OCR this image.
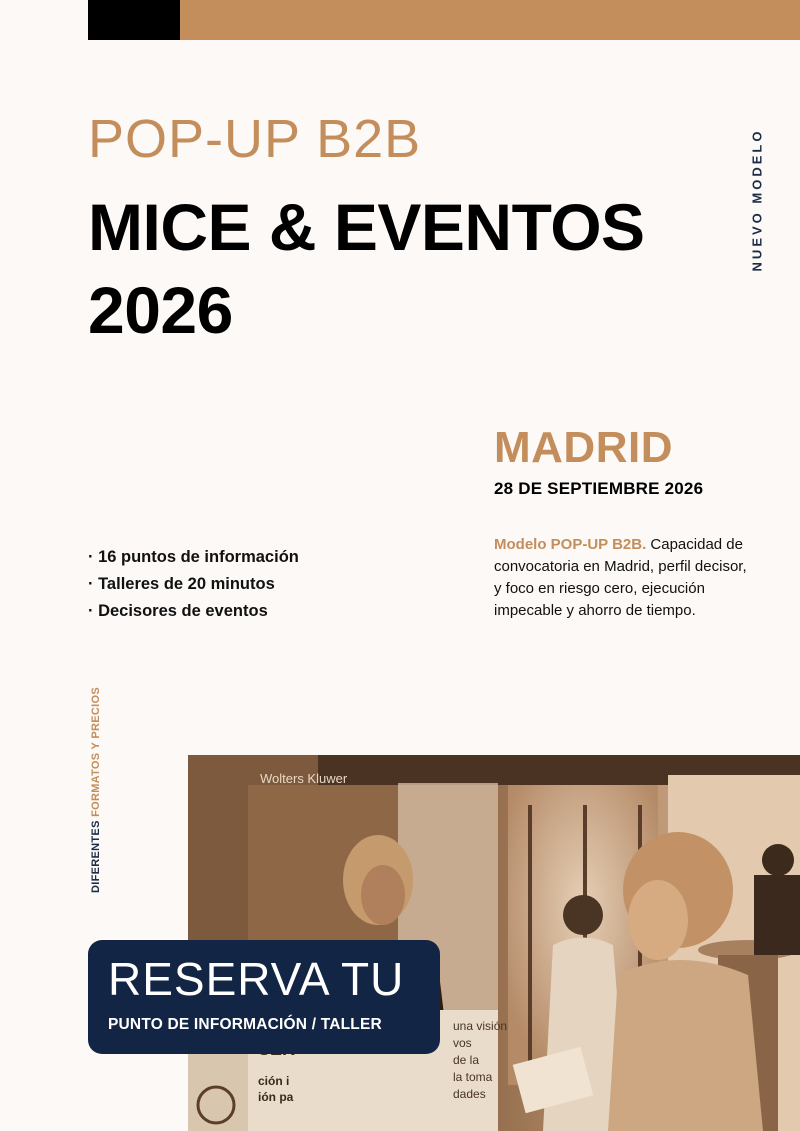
POP-UP B2B
MICE & EVENTOS
2026
NUEVO MODELO
MADRID
28 DE SEPTIEMBRE 2026
· 16 puntos de información
· Talleres de 20 minutos
· Decisores de eventos
Modelo POP-UP B2B. Capacidad de convocatoria en Madrid, perfil decisor, y foco en riesgo cero, ejecución impecable y ahorro de tiempo.
DIFERENTES FORMATOS Y PRECIOS	Wolters Kluwer
una visión
vos
de la
la toma
dades
ción i
ión pa
RESERVA TU
PUNTO DE INFORMACIÓN / TALLER
